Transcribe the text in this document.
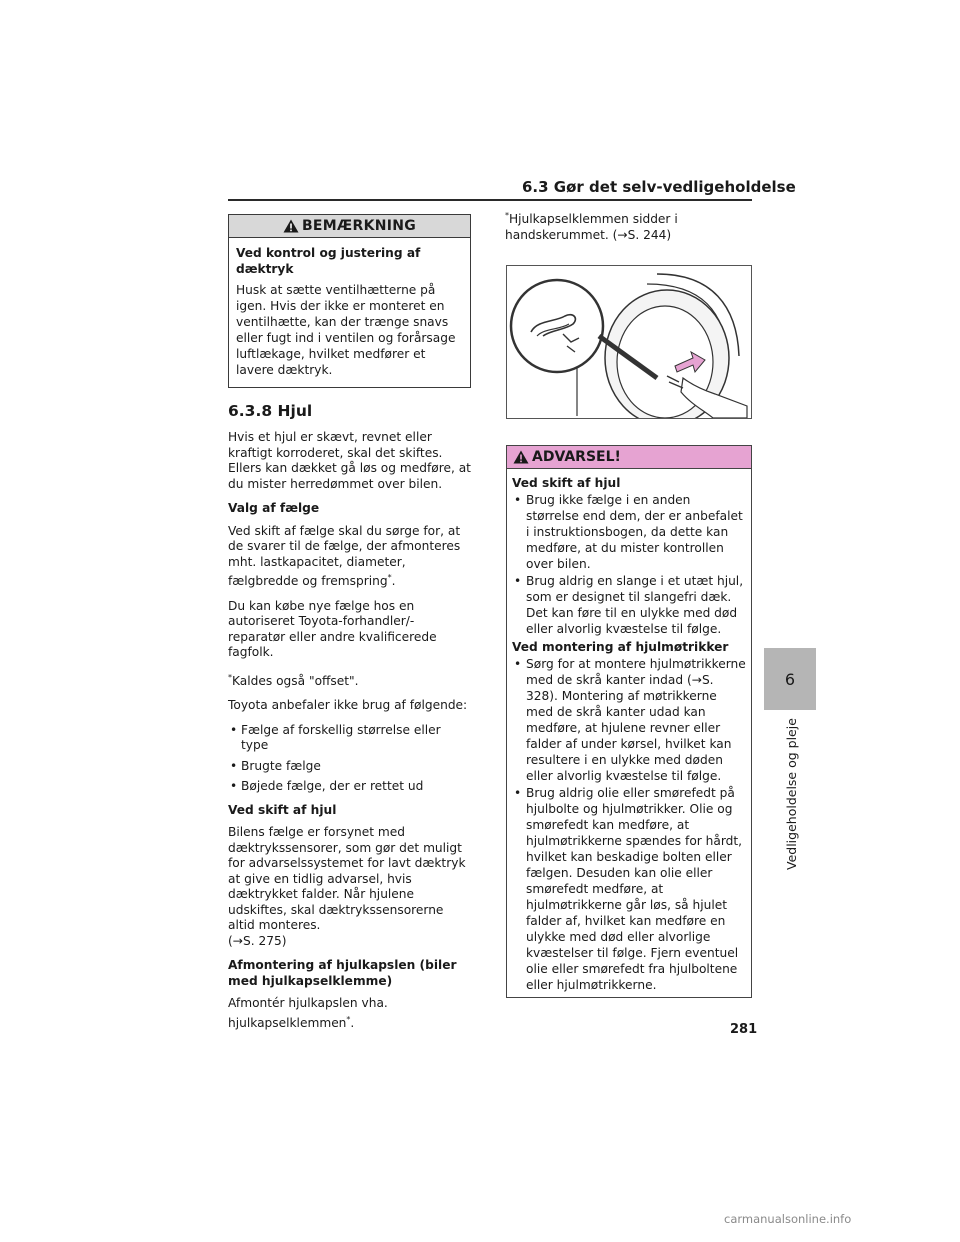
6.3 Gør det selv-vedligeholdelse
BEMÆRKNING

Ved kontrol og justering af dæktryk

Husk at sætte ventilhætterne på igen. Hvis der ikke er monteret en ventilhætte, kan der trænge snavs eller fugt ind i ventilen og forårsage luftlækage, hvilket medfører et lavere dæktryk.

6.3.8 Hjul

Hvis et hjul er skævt, revnet eller kraftigt korroderet, skal det skiftes. Ellers kan dækket gå løs og medføre, at du mister herredømmet over bilen.

Valg af fælge

Ved skift af fælge skal du sørge for, at de svarer til de fælge, der afmonteres mht. lastkapacitet, diameter, fælgbredde og fremspring*.

Du kan købe nye fælge hos en autoriseret Toyota-forhandler/-reparatør eller andre kvalificerede fagfolk.

*Kaldes også "offset".

Toyota anbefaler ikke brug af følgende:

• Fælge af forskellig størrelse eller type
• Brugte fælge
• Bøjede fælge, der er rettet ud

Ved skift af hjul

Bilens fælge er forsynet med dæktrykssensorer, som gør det muligt for advarselssystemet for lavt dæktryk at give en tidlig advarsel, hvis dæktrykket falder. Når hjulene udskiftes, skal dæktrykssensorerne altid monteres.
(→S. 275)

Afmontering af hjulkapslen (biler med hjulkapselklemme)

Afmontér hjulkapslen vha. hjulkapselklemmen*.

*Hjulkapselklemmen sidder i handskerummet. (→S. 244)

ADVARSEL!

Ved skift af hjul

• Brug ikke fælge i en anden størrelse end dem, der er anbefalet i instruktionsbogen, da dette kan medføre, at du mister kontrollen over bilen.
• Brug aldrig en slange i et utæt hjul, som er designet til slangefri dæk. Det kan føre til en ulykke med død eller alvorlig kvæstelse til følge.

Ved montering af hjulmøtrikker

• Sørg for at montere hjulmøtrikkerne med de skrå kanter indad (→S. 328). Montering af møtrikkerne med de skrå kanter udad kan medføre, at hjulene revner eller falder af under kørsel, hvilket kan resultere i en ulykke med døden eller alvorlig kvæstelse til følge.
• Brug aldrig olie eller smørefedt på hjulbolte og hjulmøtrikker. Olie og smørefedt kan medføre, at hjulmøtrikkerne spændes for hårdt, hvilket kan beskadige bolten eller fælgen. Desuden kan olie eller smørefedt medføre, at hjulmøtrikkerne går løs, så hjulet falder af, hvilket kan medføre en ulykke med død eller alvorlige kvæstelser til følge. Fjern eventuel olie eller smørefedt fra hjulboltene eller hjulmøtrikkerne.
6
Vedligeholdelse og pleje
281
carmanualsonline.info
